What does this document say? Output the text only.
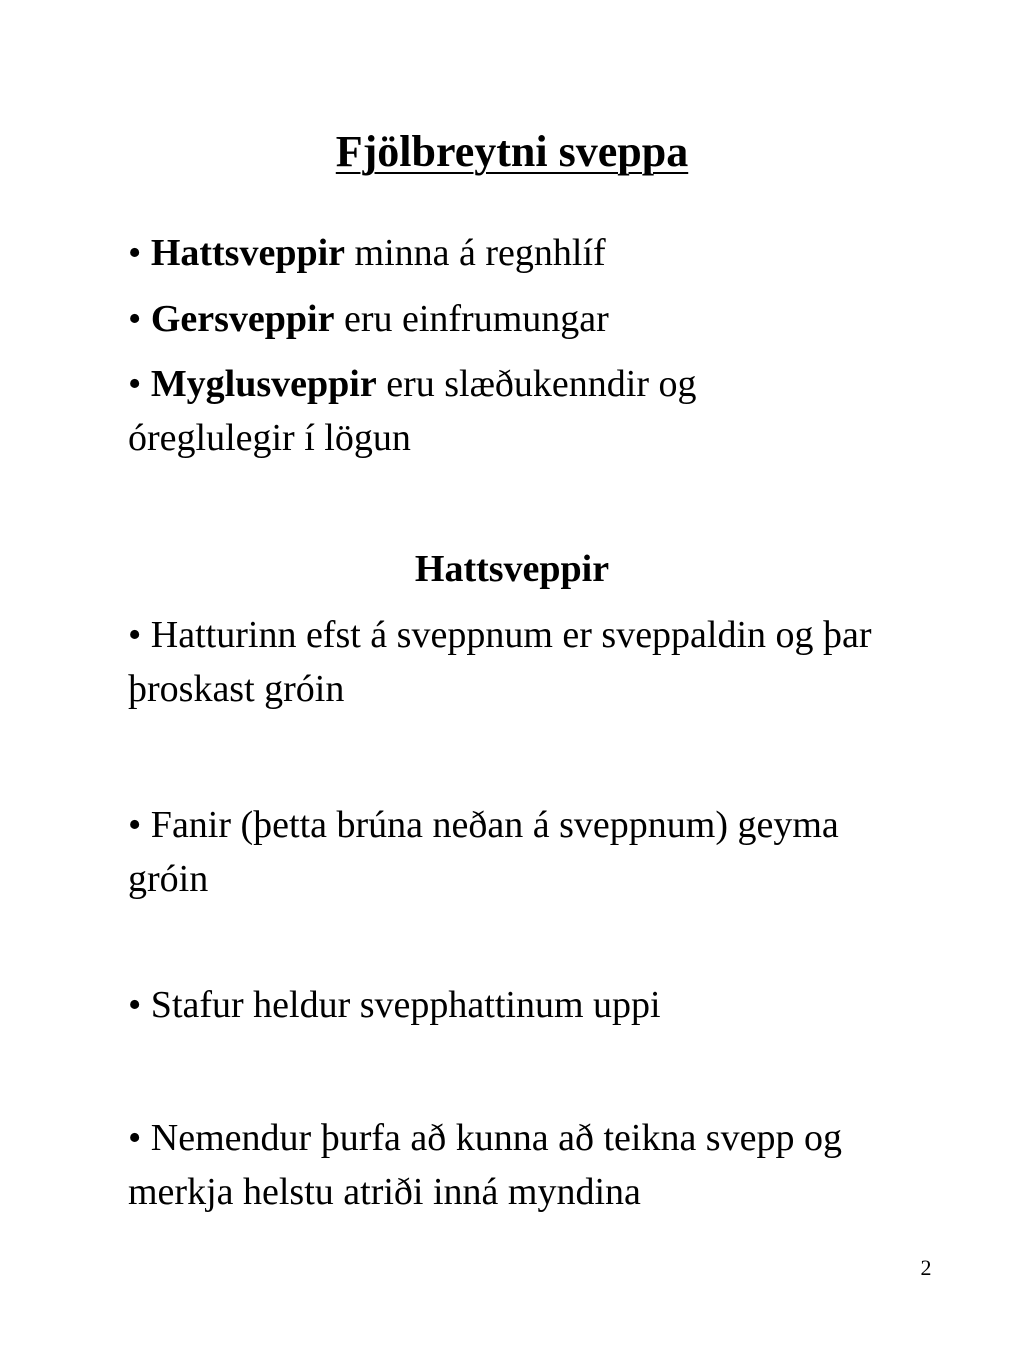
Fjölbreytni sveppa
• Hattsveppir minna á regnhlíf
• Gersveppir eru einfrumungar
• Myglusveppir eru slæðukenndir og óreglulegir í lögun
Hattsveppir
• Hatturinn efst á sveppnum er sveppaldin og þar þroskast gróin
• Fanir (þetta brúna neðan á sveppnum) geyma gróin
• Stafur heldur svepphattinum uppi
• Nemendur þurfa að kunna að teikna svepp og merkja helstu atriði inná myndina
2
